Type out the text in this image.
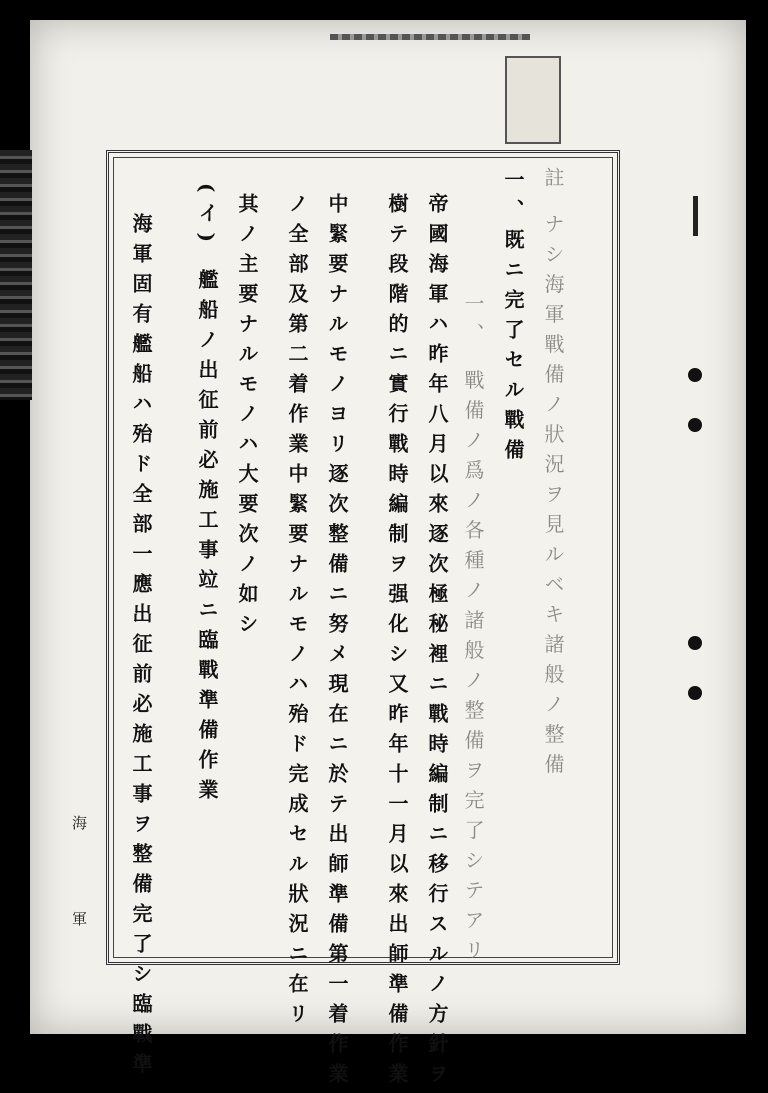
註 ナシ海軍戰備ノ狀況ヲ見ルベキ諸般ノ整備
一、既ニ完了セル戰備
一、 戰備ノ爲ノ各種ノ諸般ノ整備ヲ完了シテアリ
帝國海軍ハ昨年八月以來逐次極秘裡ニ戰時編制ニ移行スルノ方針ヲ
樹テ段階的ニ實行戰時編制ヲ强化シ又昨年十一月以來出師準備作業
中緊要ナルモノヨリ逐次整備ニ努メ現在ニ於テ出師準備第一着作業
ノ全部及第二着作業中緊要ナルモノハ殆ド完成セル狀況ニ在リ
其ノ主要ナルモノハ大要次ノ如シ
(イ) 艦船ノ出征前必施工事竝ニ臨戰準備作業
海軍固有艦船ハ殆ド全部一應出征前必施工事ヲ整備完了シ臨戰準
海
軍
